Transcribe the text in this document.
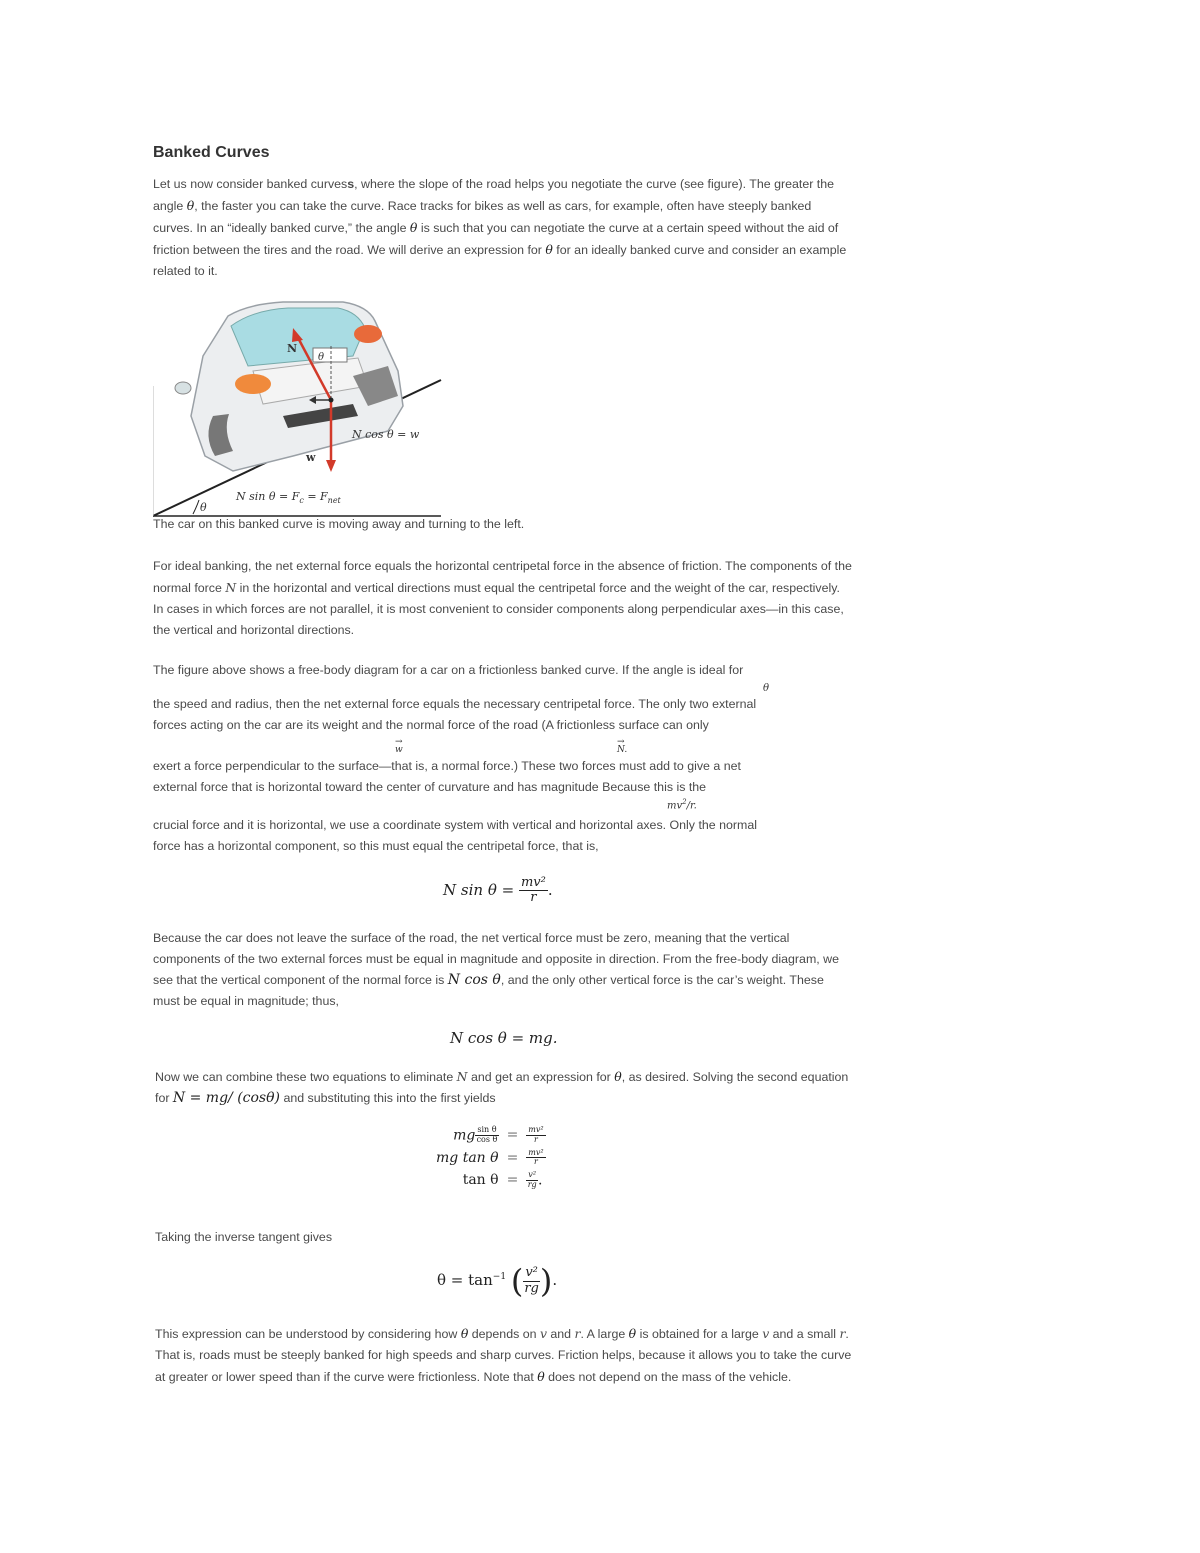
Banked Curves

Let us now consider banked curvess, where the slope of the road helps you negotiate the curve (see figure). The greater the angle θ, the faster you can take the curve. Race tracks for bikes as well as cars, for example, often have steeply banked curves. In an “ideally banked curve,” the angle θ is such that you can negotiate the curve at a certain speed without the aid of friction between the tires and the road. We will derive an expression for θ for an ideally banked curve and consider an example related to it.

N
θ
N cos θ = w
w
N $\sin \theta = F_c = F_{net}$
θ

The car on this banked curve is moving away and turning to the left.

For ideal banking, the net external force equals the horizontal centripetal force in the absence of friction. The components of the normal force N in the horizontal and vertical directions must equal the centripetal force and the weight of the car, respectively. In cases in which forces are not parallel, it is most convenient to consider components along perpendicular axes—in this case, the vertical and horizontal directions.

The figure above shows a free-body diagram for a car on a frictionless banked curve. If the angle is ideal for

θ

the speed and radius, then the net external force equals the necessary centripetal force. The only two external

forces acting on the car are its weight and the normal force of the road (A frictionless surface can only

→
w
→
N.

exert a force perpendicular to the surface—that is, a normal force.) These two forces must add to give a net

external force that is horizontal toward the center of curvature and has magnitude Because this is the

$mv^2/r$.

crucial force and it is horizontal, we use a coordinate system with vertical and horizontal axes. Only the normal

force has a horizontal component, so this must equal the centripetal force, that is,

N $\sin \theta = \frac{\text{mv²}}{r}$ .

Because the car does not leave the surface of the road, the net vertical force must be zero, meaning that the vertical components of the two external forces must be equal in magnitude and opposite in direction. From the free-body diagram, we see that the vertical component of the normal force is N cos θ, and the only other vertical force is the car’s weight. These must be equal in magnitude; thus,

N cos θ = mg.

Now we can combine these two equations to eliminate N and get an expression for θ, as desired. Solving the second equation for N = mg/ (cosθ) and substituting this into the first yields

mg $\frac{\text{sin θ}}{\text{cos θ}}$	=	$\frac{\text{mv²}}{r}$

mg tan θ	=	$\frac{\text{mv²}}{r}$

tan θ	=	$\frac{\text{v²}}{rg}$ .

Taking the inverse tangent gives

$\theta = \tan^{-1}$ ( $\frac{\text{v²}}{rg}$ ).

This expression can be understood by considering how θ depends on v and r. A large θ is obtained for a large v and a small r. That is, roads must be steeply banked for high speeds and sharp curves. Friction helps, because it allows you to take the curve at greater or lower speed than if the curve were frictionless. Note that θ does not depend on the mass of the vehicle.
